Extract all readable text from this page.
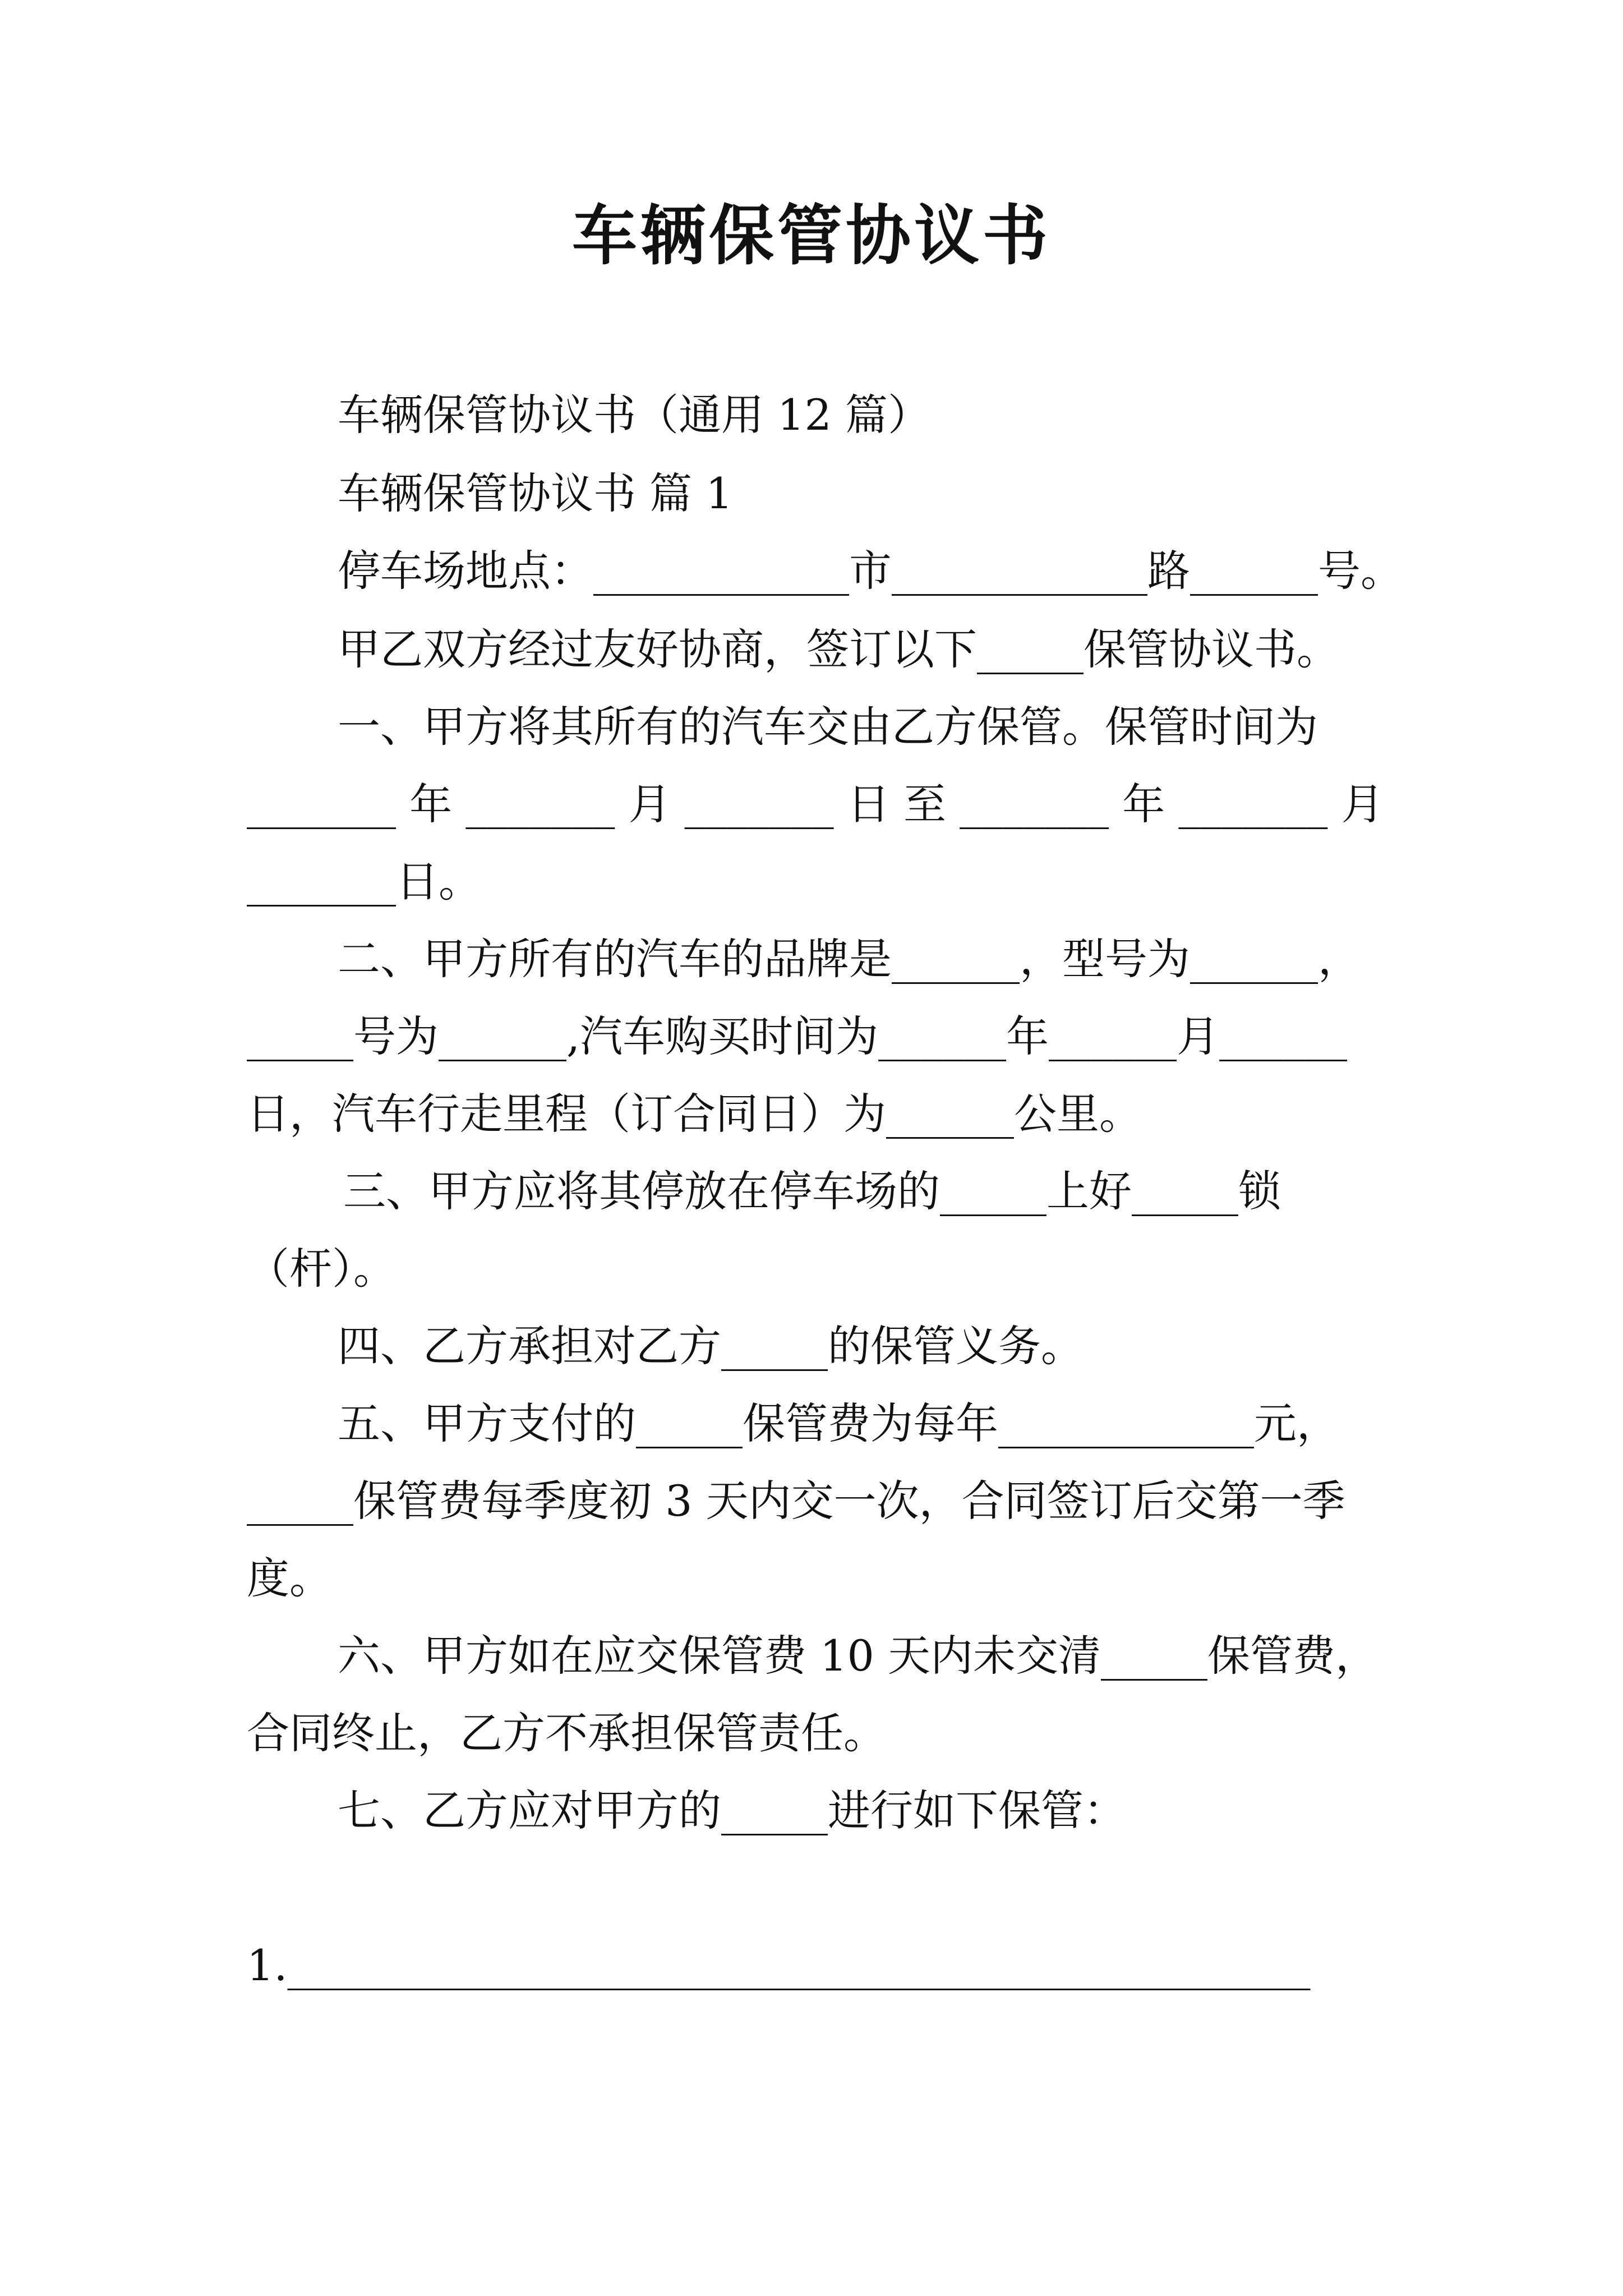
车辆保管协议书
车辆保管协议书（通用 12 篇）
车辆保管协议书 篇 1
停车场地点：____________市____________路______号。
甲乙双方经过友好协商，签订以下_____保管协议书。
一、甲方将其所有的汽车交由乙方保管。保管时间为
_______ 年 _______ 月 _______ 日 至 _______ 年 _______ 月
_______日。
二、甲方所有的汽车的品牌是______，型号为______，
_____号为______,汽车购买时间为______年______月______
日，汽车行走里程（订合同日）为______公里。
三、甲方应将其停放在停车场的_____上好_____锁
（杆）。
四、乙方承担对乙方_____的保管义务。
五、甲方支付的_____保管费为每年____________元，
_____保管费每季度初 3 天内交一次，合同签订后交第一季
度。
六、甲方如在应交保管费 10 天内未交清_____保管费，
合同终止，乙方不承担保管责任。
七、乙方应对甲方的_____进行如下保管：
1.________________________________________________
